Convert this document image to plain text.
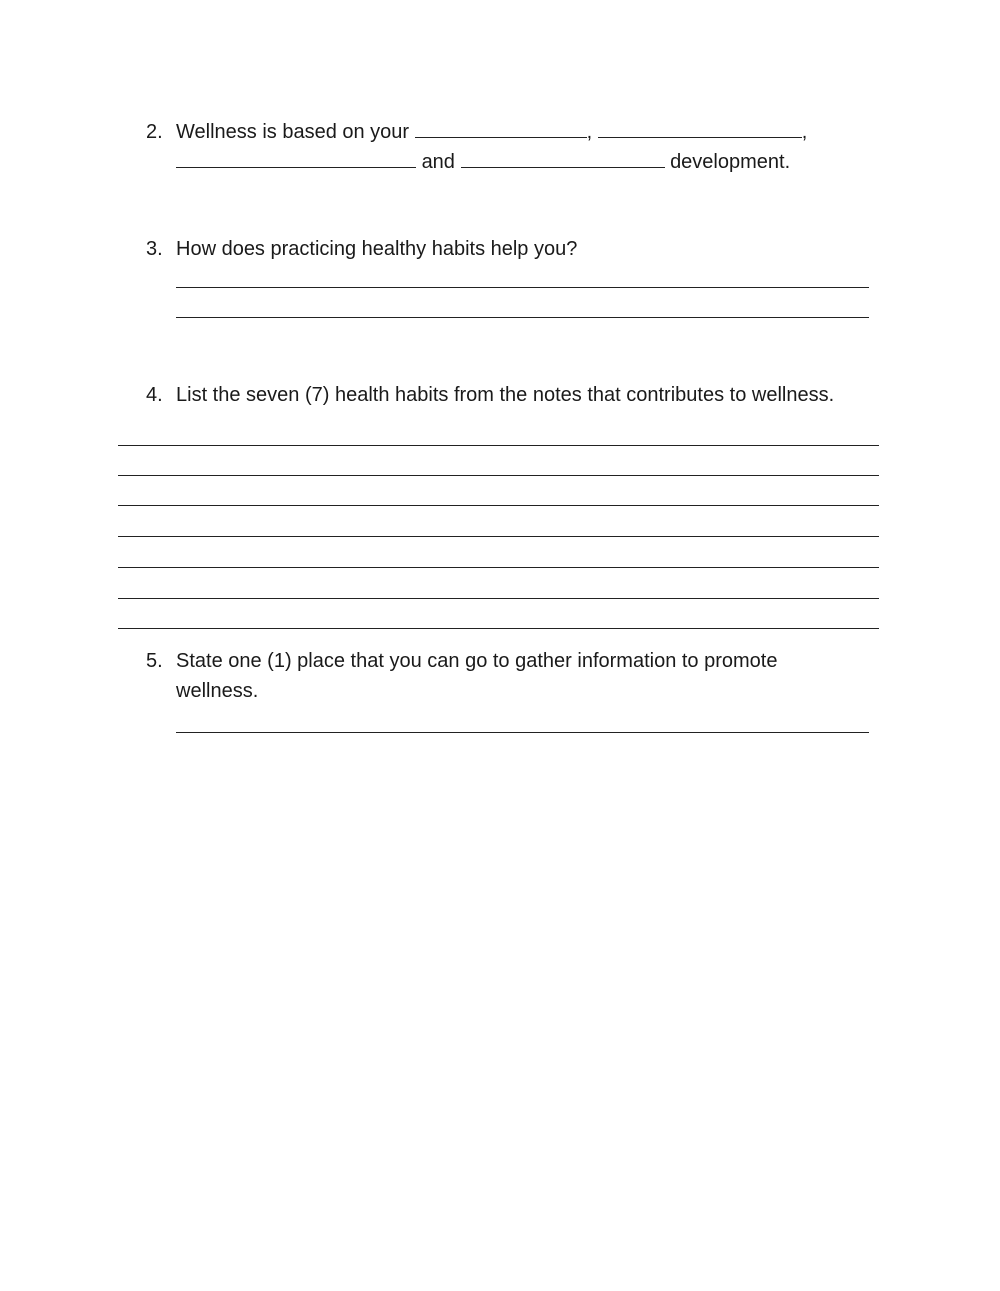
2. Wellness is based on your	,	,
and	development.
3. How does practicing healthy habits help you?
4. List the seven (7) health habits from the notes that contributes to wellness.
5. State one (1) place that you can go to gather information to promote
wellness.
